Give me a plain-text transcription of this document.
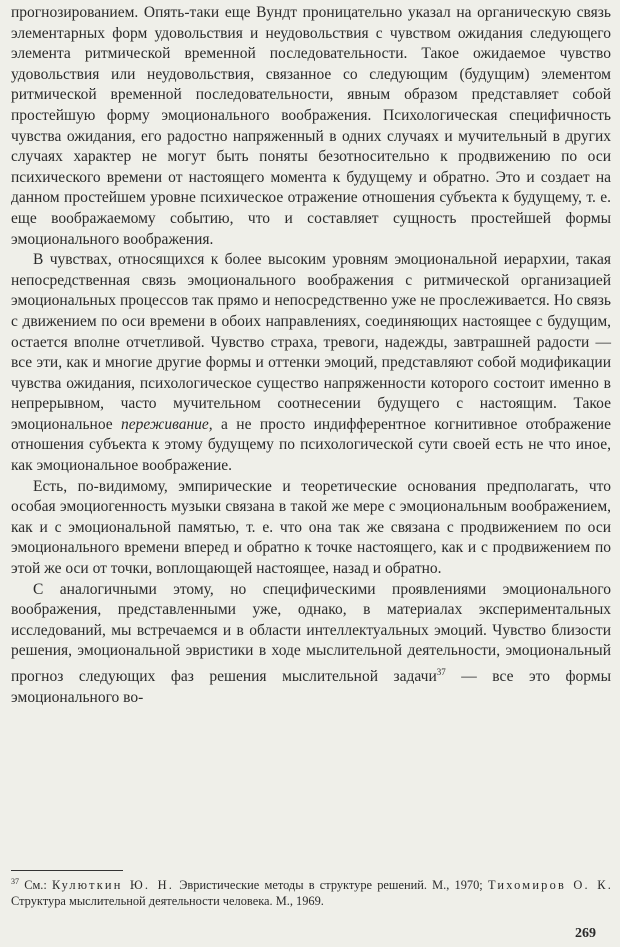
прогнозированием. Опять-таки еще Вундт проницательно указал на органическую связь элементарных форм удовольствия и неудовольствия с чувством ожидания следующего элемента ритмической временной последовательности. Такое ожидаемое чувство удовольствия или неудовольствия, связанное со следующим (будущим) элементом ритмической временной последовательности, явным образом представляет собой простейшую форму эмоционального воображения. Психологическая специфичность чувства ожидания, его радостно напряженный в одних случаях и мучительный в других случаях характер не могут быть поняты безотносительно к продвижению по оси психического времени от настоящего момента к будущему и обратно. Это и создает на данном простейшем уровне психическое отражение отношения субъекта к будущему, т. е. еще воображаемому событию, что и составляет сущность простейшей формы эмоционального воображения.

В чувствах, относящихся к более высоким уровням эмоциональной иерархии, такая непосредственная связь эмоционального воображения с ритмической организацией эмоциональных процессов так прямо и непосредственно уже не прослеживается. Но связь с движением по оси времени в обоих направлениях, соединяющих настоящее с будущим, остается вполне отчетливой. Чувство страха, тревоги, надежды, завтрашней радости — все эти, как и многие другие формы и оттенки эмоций, представляют собой модификации чувства ожидания, психологическое существо напряженности которого состоит именно в непрерывном, часто мучительном соотнесении будущего с настоящим. Такое эмоциональное переживание, а не просто индифферентное когнитивное отображение отношения субъекта к этому будущему по психологической сути своей есть не что иное, как эмоциональное воображение.

Есть, по-видимому, эмпирические и теоретические основания предполагать, что особая эмоциогенность музыки связана в такой же мере с эмоциональным воображением, как и с эмоциональной памятью, т. е. что она так же связана с продвижением по оси эмоционального времени вперед и обратно к точке настоящего, как и с продвижением по этой же оси от точки, воплощающей настоящее, назад и обратно.

С аналогичными этому, но специфическими проявлениями эмоционального воображения, представленными уже, однако, в материалах экспериментальных исследований, мы встречаемся и в области интеллектуальных эмоций. Чувство близости решения, эмоциональной эвристики в ходе мыслительной деятельности, эмоциональный прогноз следующих фаз решения мыслительной задачи$^{37}$ — все это формы эмоционального во-

$^{37}$ См.: Кулюткин Ю. Н. Эвристические методы в структуре решений. М., 1970; Тихомиров О. К. Структура мыслительной деятельности человека. М., 1969.
269
